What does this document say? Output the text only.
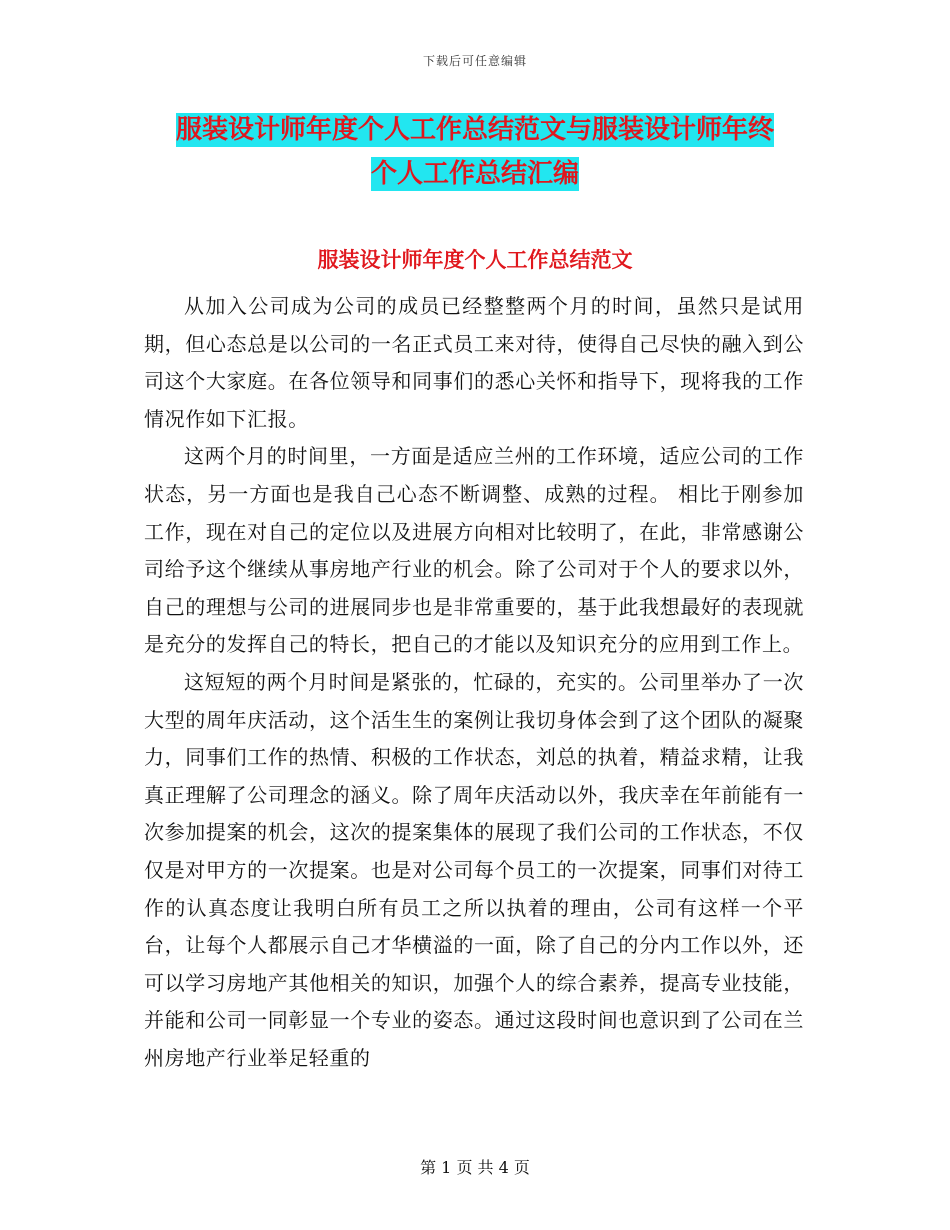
下载后可任意编辑
服装设计师年度个人工作总结范文与服装设计师年终
个人工作总结汇编
服装设计师年度个人工作总结范文

从加入公司成为公司的成员已经整整两个月的时间，虽然只是试用期，但心态总是以公司的一名正式员工来对待，使得自己尽快的融入到公司这个大家庭。在各位领导和同事们的悉心关怀和指导下，现将我的工作情况作如下汇报。

这两个月的时间里，一方面是适应兰州的工作环境，适应公司的工作状态，另一方面也是我自己心态不断调整、成熟的过程。 相比于刚参加工作，现在对自己的定位以及进展方向相对比较明了，在此，非常感谢公司给予这个继续从事房地产行业的机会。除了公司对于个人的要求以外，自己的理想与公司的进展同步也是非常重要的，基于此我想最好的表现就是充分的发挥自己的特长，把自己的才能以及知识充分的应用到工作上。

这短短的两个月时间是紧张的，忙碌的，充实的。公司里举办了一次大型的周年庆活动，这个活生生的案例让我切身体会到了这个团队的凝聚力，同事们工作的热情、积极的工作状态，刘总的执着，精益求精，让我真正理解了公司理念的涵义。除了周年庆活动以外，我庆幸在年前能有一次参加提案的机会，这次的提案集体的展现了我们公司的工作状态，不仅仅是对甲方的一次提案。也是对公司每个员工的一次提案，同事们对待工作的认真态度让我明白所有员工之所以执着的理由，公司有这样一个平台，让每个人都展示自己才华横溢的一面，除了自己的分内工作以外，还可以学习房地产其他相关的知识，加强个人的综合素养，提高专业技能，并能和公司一同彰显一个专业的姿态。通过这段时间也意识到了公司在兰州房地产行业举足轻重的

第 1 页 共 4 页
